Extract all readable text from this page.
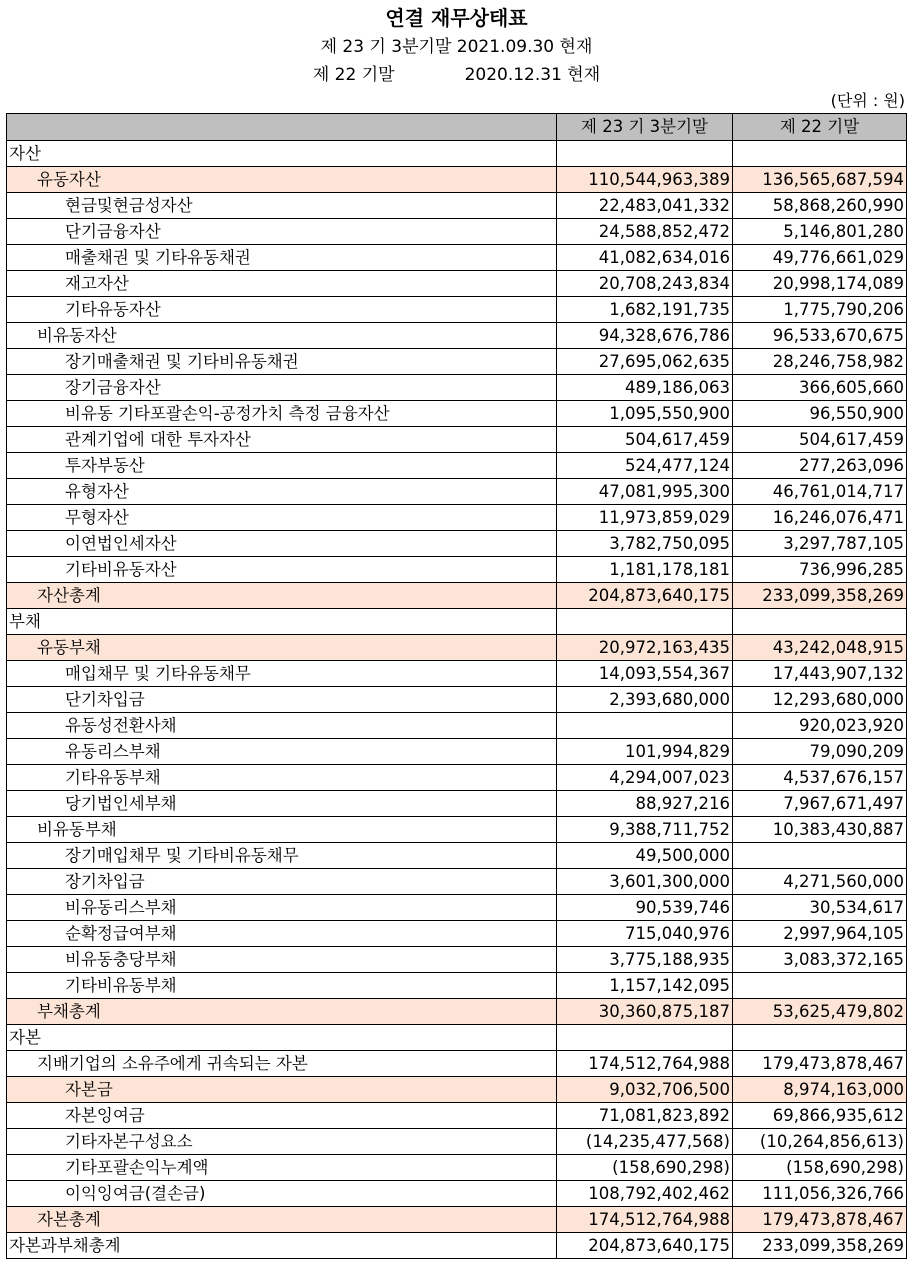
연결 재무상태표
제 23 기 3분기말 2021.09.30 현재
제 22 기말	2020.12.31 현재
(단위 : 원)
	제 23 기 3분기말	제 22 기말
자산		
유동자산	110,544,963,389	136,565,687,594
현금및현금성자산	22,483,041,332	58,868,260,990
단기금융자산	24,588,852,472	5,146,801,280
매출채권 및 기타유동채권	41,082,634,016	49,776,661,029
재고자산	20,708,243,834	20,998,174,089
기타유동자산	1,682,191,735	1,775,790,206
비유동자산	94,328,676,786	96,533,670,675
장기매출채권 및 기타비유동채권	27,695,062,635	28,246,758,982
장기금융자산	489,186,063	366,605,660
비유동 기타포괄손익-공정가치 측정 금융자산	1,095,550,900	96,550,900
관계기업에 대한 투자자산	504,617,459	504,617,459
투자부동산	524,477,124	277,263,096
유형자산	47,081,995,300	46,761,014,717
무형자산	11,973,859,029	16,246,076,471
이연법인세자산	3,782,750,095	3,297,787,105
기타비유동자산	1,181,178,181	736,996,285
자산총계	204,873,640,175	233,099,358,269
부채		
유동부채	20,972,163,435	43,242,048,915
매입채무 및 기타유동채무	14,093,554,367	17,443,907,132
단기차입금	2,393,680,000	12,293,680,000
유동성전환사채		920,023,920
유동리스부채	101,994,829	79,090,209
기타유동부채	4,294,007,023	4,537,676,157
당기법인세부채	88,927,216	7,967,671,497
비유동부채	9,388,711,752	10,383,430,887
장기매입채무 및 기타비유동채무	49,500,000	
장기차입금	3,601,300,000	4,271,560,000
비유동리스부채	90,539,746	30,534,617
순확정급여부채	715,040,976	2,997,964,105
비유동충당부채	3,775,188,935	3,083,372,165
기타비유동부채	1,157,142,095	
부채총계	30,360,875,187	53,625,479,802
자본		
지배기업의 소유주에게 귀속되는 자본	174,512,764,988	179,473,878,467
자본금	9,032,706,500	8,974,163,000
자본잉여금	71,081,823,892	69,866,935,612
기타자본구성요소	(14,235,477,568)	(10,264,856,613)
기타포괄손익누계액	(158,690,298)	(158,690,298)
이익잉여금(결손금)	108,792,402,462	111,056,326,766
자본총계	174,512,764,988	179,473,878,467
자본과부채총계	204,873,640,175	233,099,358,269
